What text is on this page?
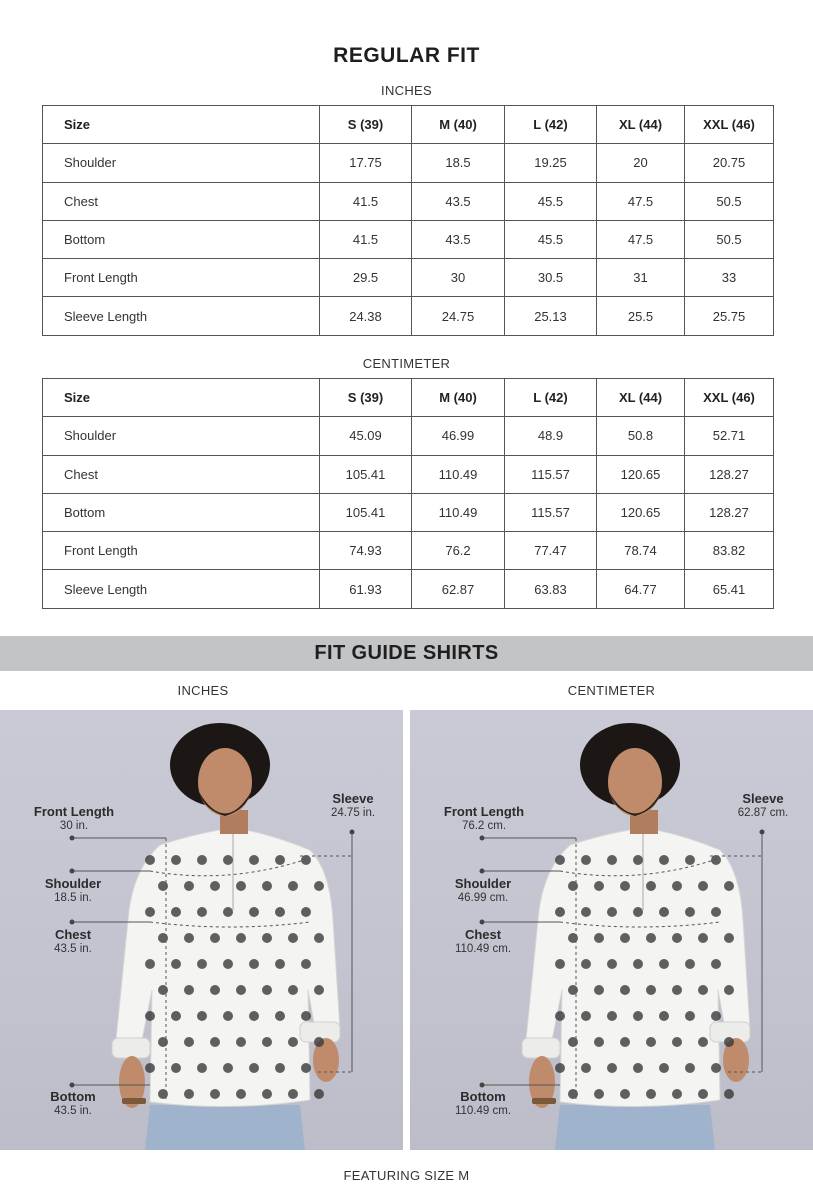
REGULAR FIT
INCHES
Size	S (39)	M (40)	L (42)	XL (44)	XXL (46)
Shoulder	17.75	18.5	19.25	20	20.75
Chest	41.5	43.5	45.5	47.5	50.5
Bottom	41.5	43.5	45.5	47.5	50.5
Front Length	29.5	30	30.5	31	33
Sleeve Length	24.38	24.75	25.13	25.5	25.75
CENTIMETER
Size	S (39)	M (40)	L (42)	XL (44)	XXL (46)
Shoulder	45.09	46.99	48.9	50.8	52.71
Chest	105.41	110.49	115.57	120.65	128.27
Bottom	105.41	110.49	115.57	120.65	128.27
Front Length	74.93	76.2	77.47	78.74	83.82
Sleeve Length	61.93	62.87	63.83	64.77	65.41
FIT GUIDE SHIRTS
INCHES	CENTIMETER
Front Length
30 in.
Shoulder
18.5 in.
Chest
43.5 in.
Bottom
43.5 in.
Sleeve
24.75 in.	Front Length
76.2 cm.
Shoulder
46.99 cm.
Chest
110.49 cm.
Bottom
110.49 cm.
Sleeve
62.87 cm.
FEATURING SIZE M
